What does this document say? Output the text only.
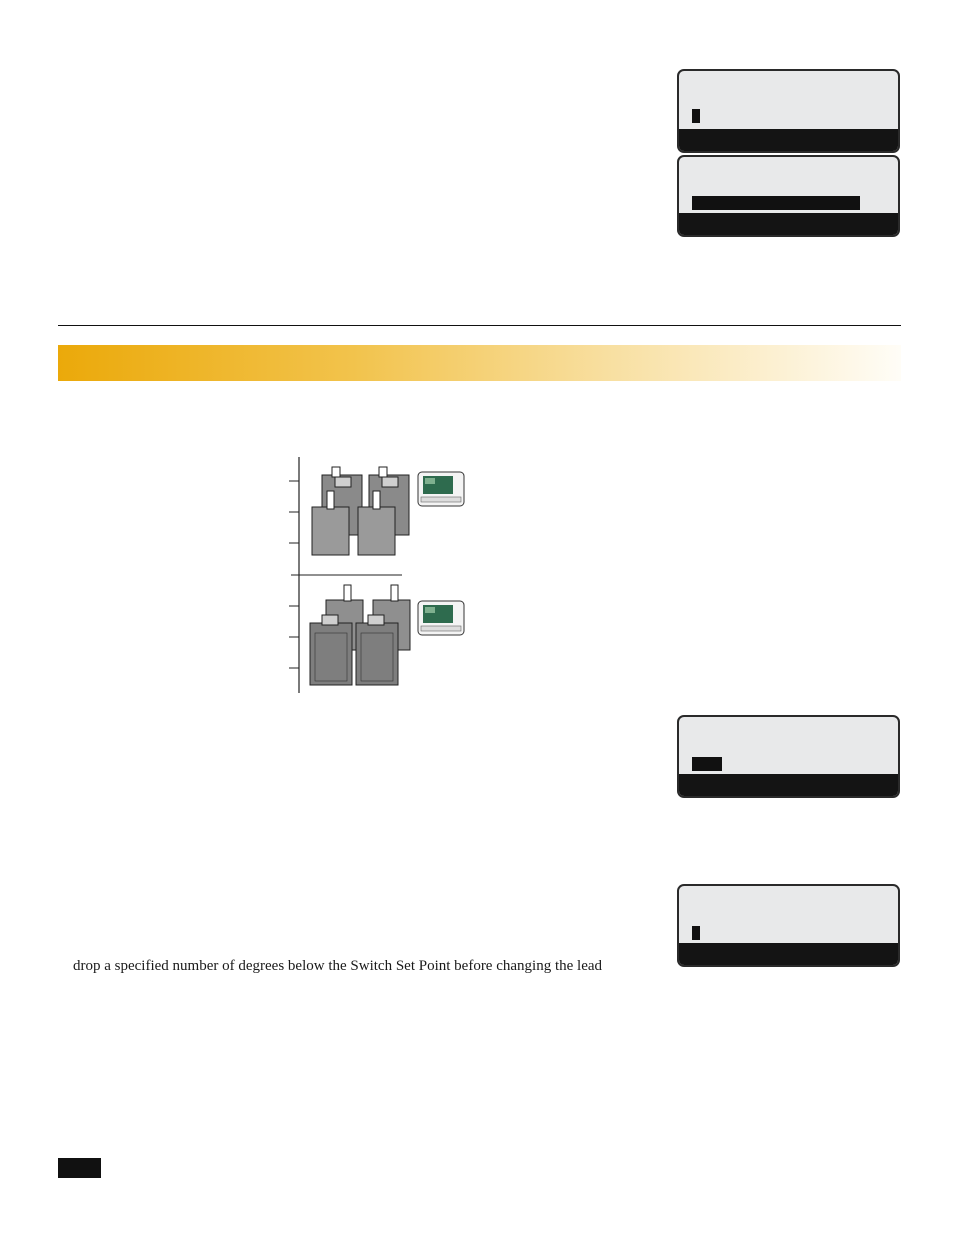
drop a specified number of degrees below the Switch Set Point before changing the lead
